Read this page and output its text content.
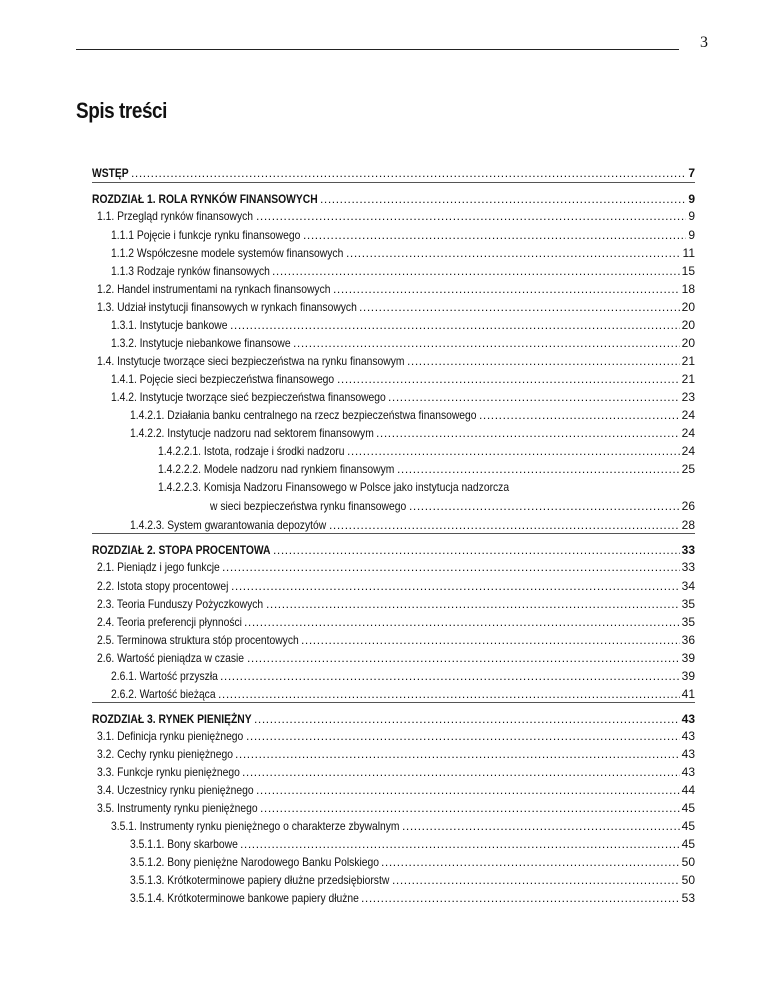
3
Spis treści
WSTĘP .....	7
ROZDZIAŁ 1. ROLA RYNKÓW FINANSOWYCH .....	9
1.1. Przegląd rynków finansowych .....	9
1.1.1 Pojęcie i funkcje rynku finansowego .....	9
1.1.2 Współczesne modele systemów finansowych .....	11
1.1.3 Rodzaje rynków finansowych .....	15
1.2. Handel instrumentami na rynkach finansowych .....	18
1.3. Udział instytucji finansowych w rynkach finansowych .....	20
1.3.1. Instytucje bankowe .....	20
1.3.2. Instytucje niebankowe finansowe .....	20
1.4. Instytucje tworzące sieci bezpieczeństwa na rynku finansowym .....	21
1.4.1. Pojęcie sieci bezpieczeństwa finansowego .....	21
1.4.2. Instytucje tworzące sieć bezpieczeństwa finansowego .....	23
1.4.2.1. Działania banku centralnego na rzecz bezpieczeństwa finansowego .....	24
1.4.2.2. Instytucje nadzoru nad sektorem finansowym .....	24
1.4.2.2.1. Istota, rodzaje i środki nadzoru .....	24
1.4.2.2.2. Modele nadzoru nad rynkiem finansowym .....	25
1.4.2.2.3. Komisja Nadzoru Finansowego w Polsce jako instytucja nadzorcza
w sieci bezpieczeństwa rynku finansowego .....	26
1.4.2.3. System gwarantowania depozytów .....	28
ROZDZIAŁ 2. STOPA PROCENTOWA .....	33
2.1. Pieniądz i jego funkcje .....	33
2.2. Istota stopy procentowej .....	34
2.3. Teoria Funduszy Pożyczkowych .....	35
2.4. Teoria preferencji płynności .....	35
2.5. Terminowa struktura stóp procentowych .....	36
2.6. Wartość pieniądza w czasie .....	39
2.6.1. Wartość przyszła .....	39
2.6.2. Wartość bieżąca .....	41
ROZDZIAŁ 3. RYNEK PIENIĘŻNY .....	43
3.1. Definicja rynku pieniężnego .....	43
3.2. Cechy rynku pieniężnego .....	43
3.3. Funkcje rynku pieniężnego .....	43
3.4. Uczestnicy rynku pieniężnego .....	44
3.5. Instrumenty rynku pieniężnego .....	45
3.5.1. Instrumenty rynku pieniężnego o charakterze zbywalnym .....	45
3.5.1.1. Bony skarbowe .....	45
3.5.1.2. Bony pieniężne Narodowego Banku Polskiego .....	50
3.5.1.3. Krótkoterminowe papiery dłużne przedsiębiorstw .....	50
3.5.1.4. Krótkoterminowe bankowe papiery dłużne .....	53
